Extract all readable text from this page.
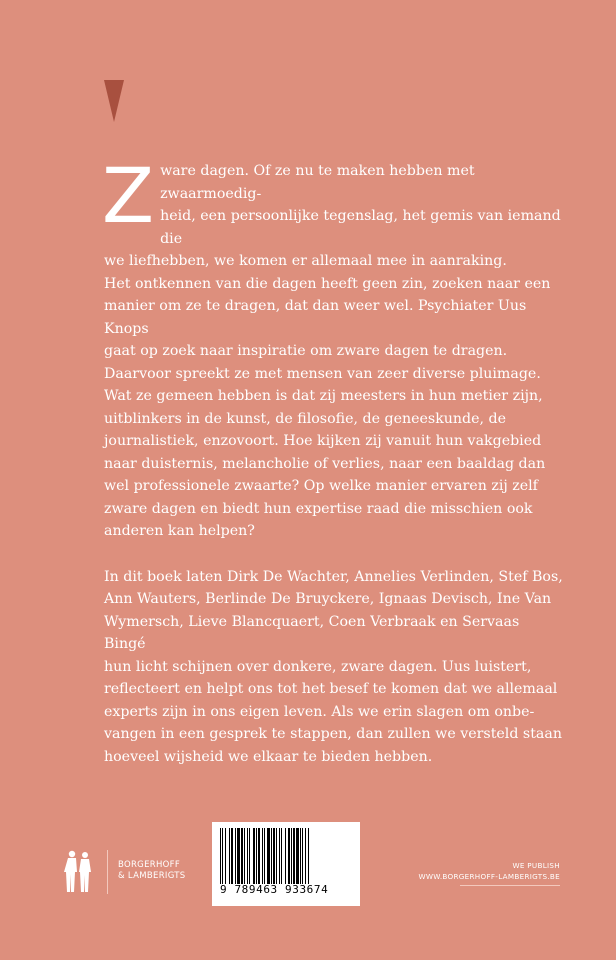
Z ware dagen. Of ze nu te maken hebben met zwaarmoedig-
heid, een persoonlijke tegenslag, het gemis van iemand die
we liefhebben, we komen er allemaal mee in aanraking.
Het ontkennen van die dagen heeft geen zin, zoeken naar een
manier om ze te dragen, dat dan weer wel. Psychiater Uus Knops
gaat op zoek naar inspiratie om zware dagen te dragen.
Daarvoor spreekt ze met mensen van zeer diverse pluimage.
Wat ze gemeen hebben is dat zij meesters in hun metier zijn,
uitblinkers in de kunst, de filosofie, de geneeskunde, de
journalistiek, enzovoort. Hoe kijken zij vanuit hun vakgebied
naar duisternis, melancholie of verlies, naar een baaldag dan
wel professionele zwaarte? Op welke manier ervaren zij zelf
zware dagen en biedt hun expertise raad die misschien ook
anderen kan helpen?

In dit boek laten Dirk De Wachter, Annelies Verlinden, Stef Bos,
Ann Wauters, Berlinde De Bruyckere, Ignaas Devisch, Ine Van
Wymersch, Lieve Blancquaert, Coen Verbraak en Servaas Bingé
hun licht schijnen over donkere, zware dagen. Uus luistert,
reflecteert en helpt ons tot het besef te komen dat we allemaal
experts zijn in ons eigen leven. Als we erin slagen om onbe-
vangen in een gesprek te stappen, dan zullen we versteld staan
hoeveel wijsheid we elkaar te bieden hebben.

BORGERHOFF
& LAMBERIGTS
9 789463 933674
WE PUBLISH
WWW.BORGERHOFF-LAMBERIGTS.BE
